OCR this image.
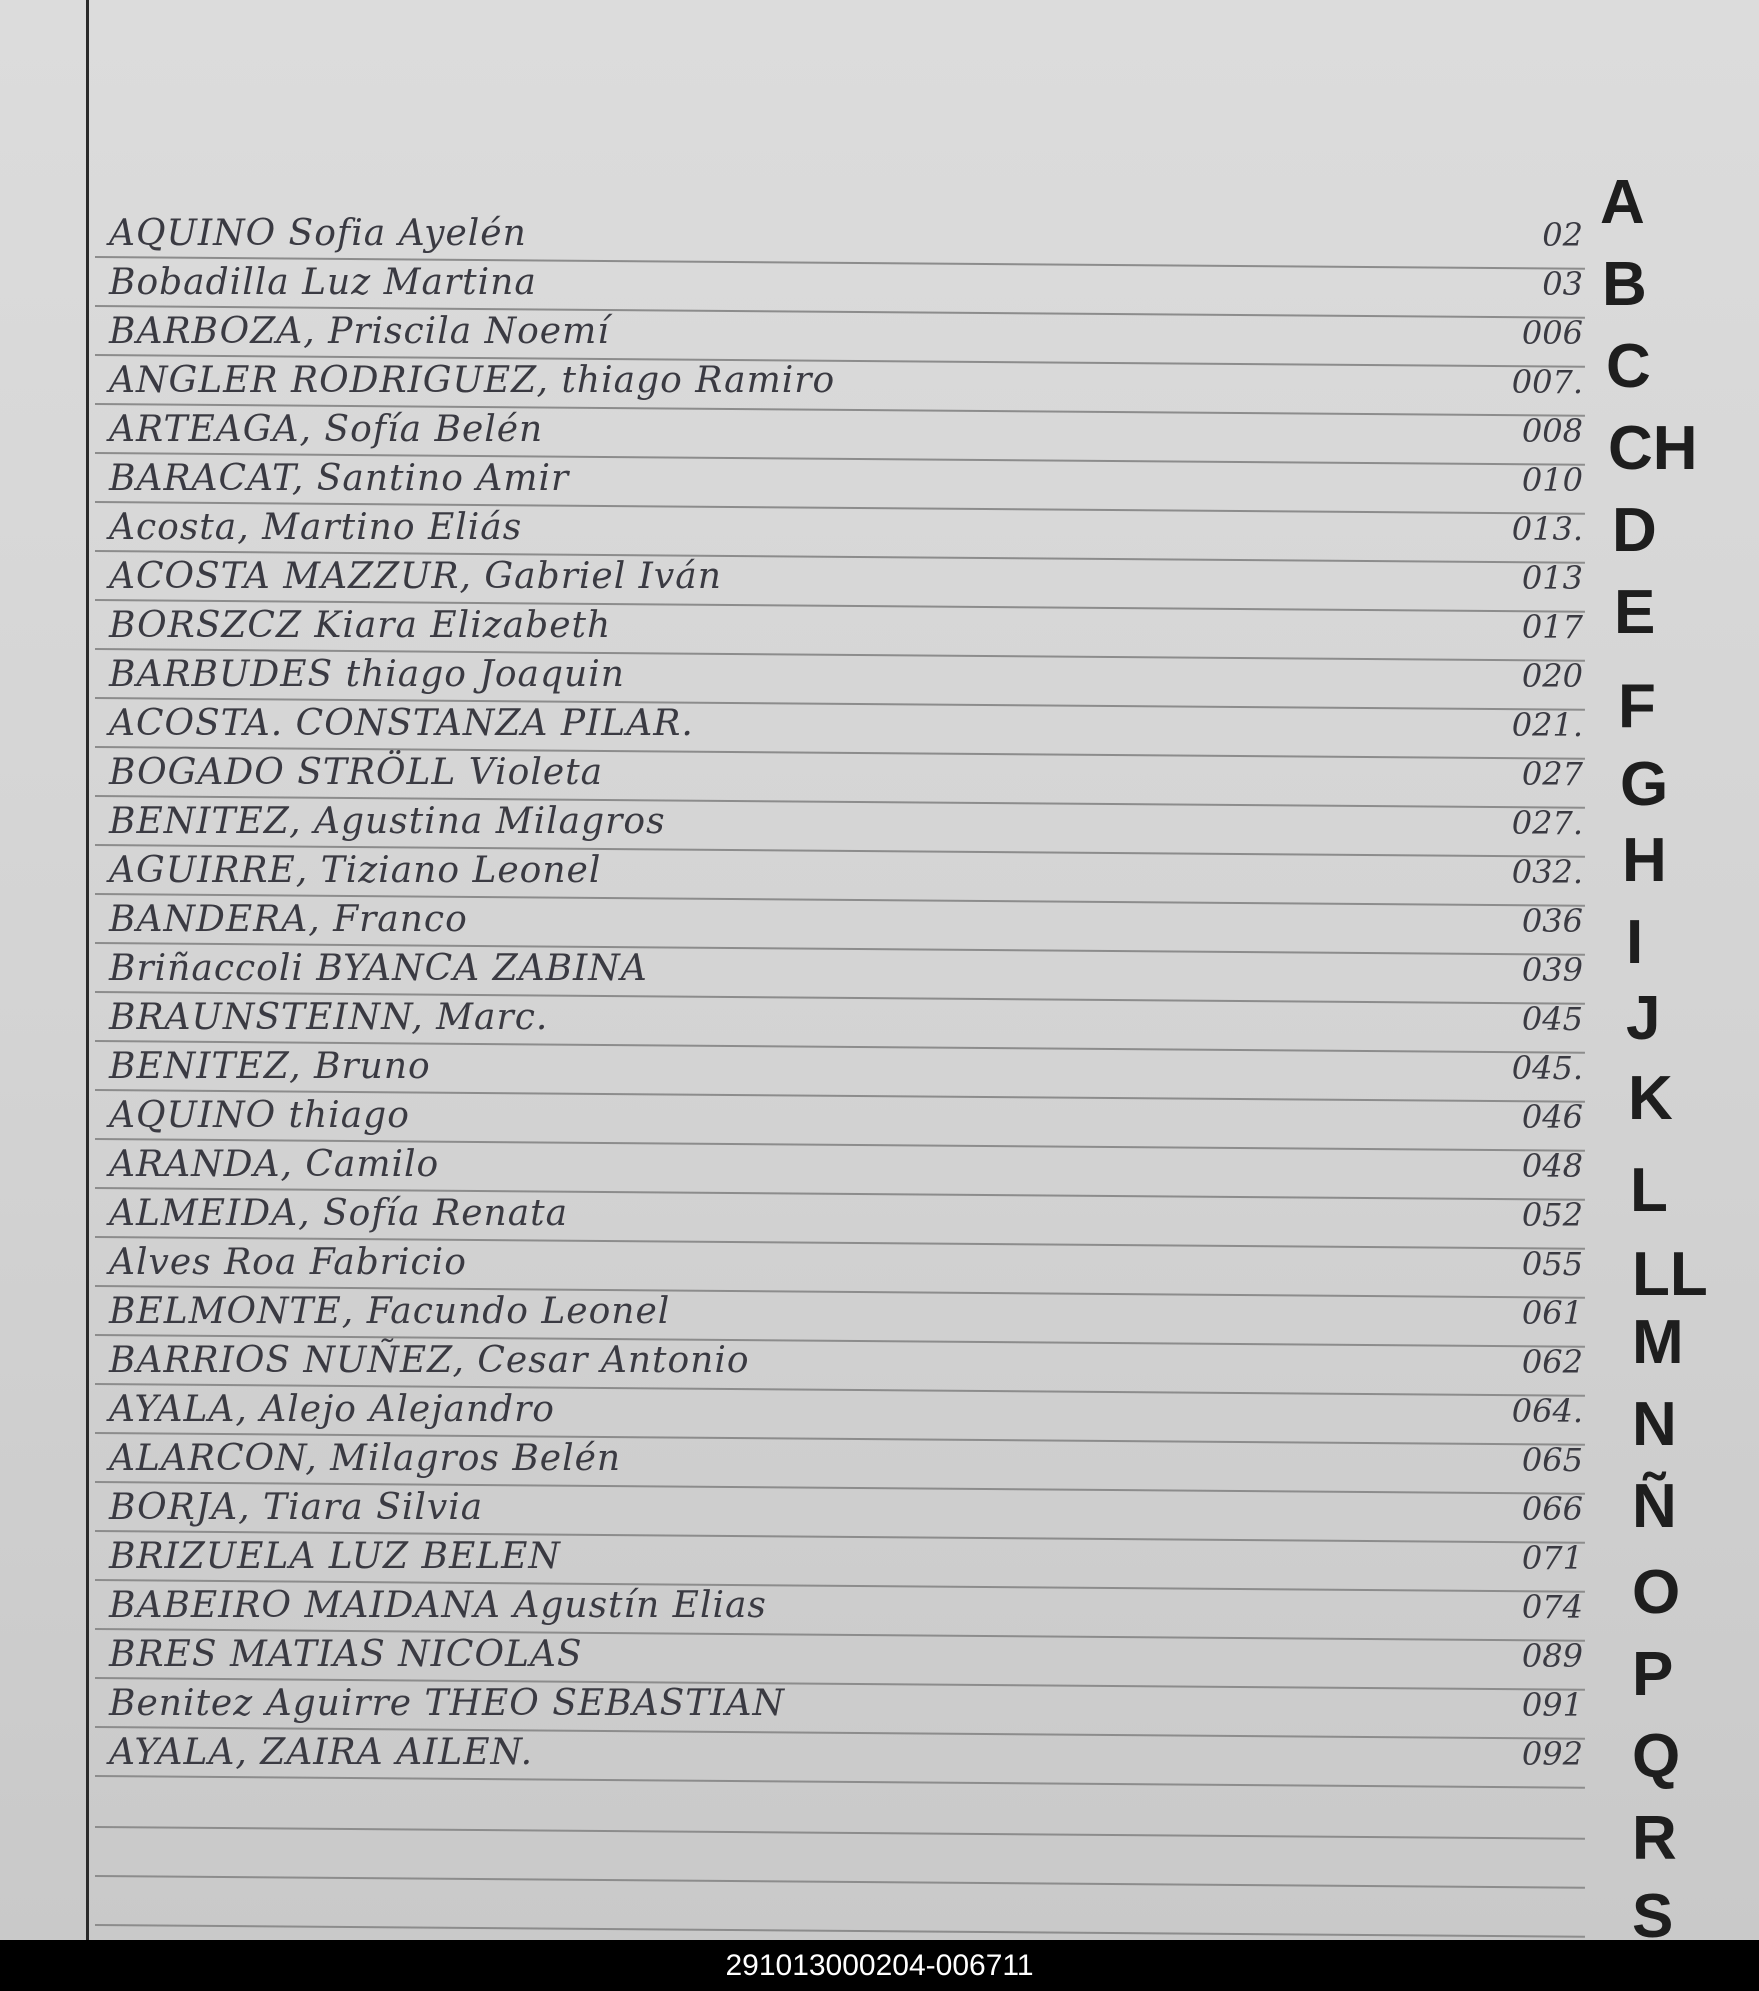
AQUINO Sofia Ayelén	02
Bobadilla Luz Martina	03
BARBOZA, Priscila Noemí	006
ANGLER RODRIGUEZ, thiago Ramiro	007.
ARTEAGA, Sofía Belén	008
BARACAT, Santino Amir	010
Acosta, Martino Eliás	013.
ACOSTA MAZZUR, Gabriel Iván	013
BORSZCZ Kiara Elizabeth	017
BARBUDES thiago Joaquin	020
ACOSTA. CONSTANZA PILAR.	021.
BOGADO STRÖLL Violeta	027
BENITEZ, Agustina Milagros	027.
AGUIRRE, Tiziano Leonel	032.
BANDERA, Franco	036
Briñaccoli BYANCA ZABINA	039
BRAUNSTEINN, Marc.	045
BENITEZ, Bruno	045.
AQUINO thiago	046
ARANDA, Camilo	048
ALMEIDA, Sofía Renata	052
Alves Roa Fabricio	055
BELMONTE, Facundo Leonel	061
BARRIOS NUÑEZ, Cesar Antonio	062
AYALA, Alejo Alejandro	064.
ALARCON, Milagros Belén	065
BORJA, Tiara Silvia	066
BRIZUELA LUZ BELEN	071
BABEIRO MAIDANA Agustín Elias	074
BRES MATIAS NICOLAS	089
Benitez Aguirre THEO SEBASTIAN	091
AYALA, ZAIRA AILEN.	092
A
B
C
CH
D
E
F
G
H
I
J
K
L
LL
M
N
Ñ
O
P
Q
R
S
291013000204-006711
